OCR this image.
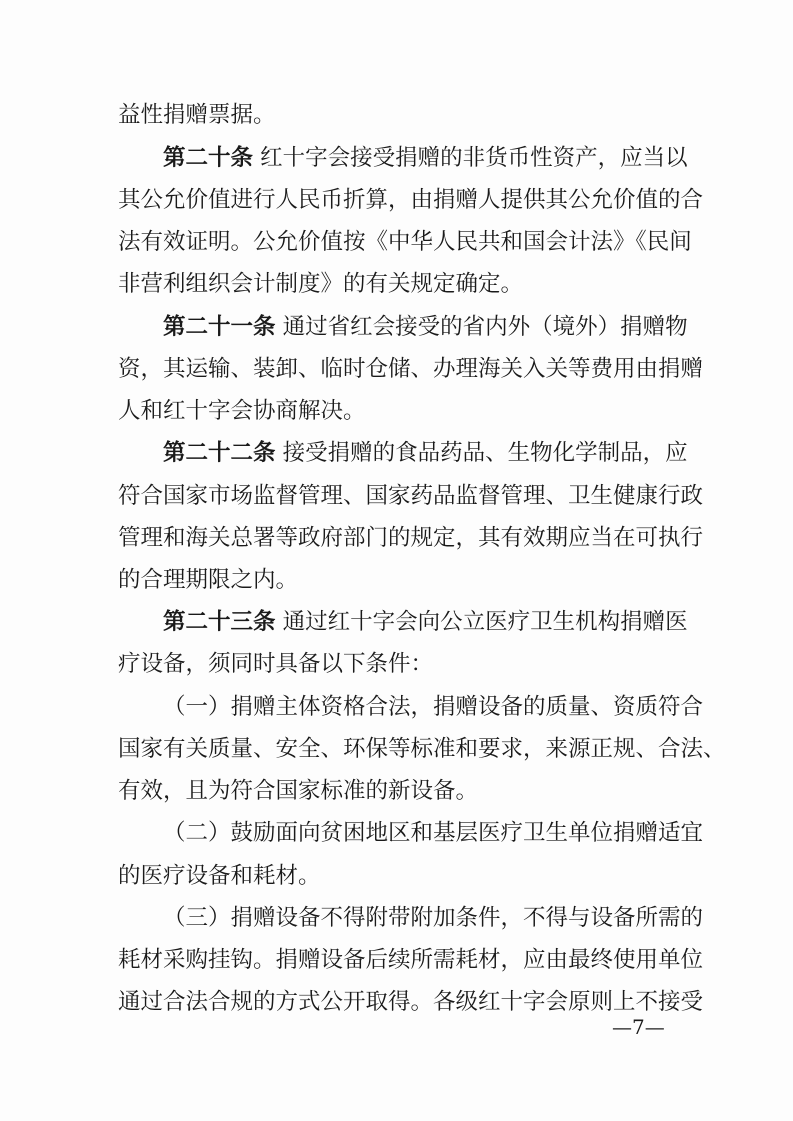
益性捐赠票据。
第二十条 红十字会接受捐赠的非货币性资产，应当以
其公允价值进行人民币折算，由捐赠人提供其公允价值的合
法有效证明。公允价值按《中华人民共和国会计法》《民间
非营利组织会计制度》的有关规定确定。
第二十一条 通过省红会接受的省内外（境外）捐赠物
资，其运输、装卸、临时仓储、办理海关入关等费用由捐赠
人和红十字会协商解决。
第二十二条 接受捐赠的食品药品、生物化学制品，应
符合国家市场监督管理、国家药品监督管理、卫生健康行政
管理和海关总署等政府部门的规定，其有效期应当在可执行
的合理期限之内。
第二十三条 通过红十字会向公立医疗卫生机构捐赠医
疗设备，须同时具备以下条件：
（一）捐赠主体资格合法，捐赠设备的质量、资质符合
国家有关质量、安全、环保等标准和要求，来源正规、合法、
有效，且为符合国家标准的新设备。
（二）鼓励面向贫困地区和基层医疗卫生单位捐赠适宜
的医疗设备和耗材。
（三）捐赠设备不得附带附加条件，不得与设备所需的
耗材采购挂钩。捐赠设备后续所需耗材，应由最终使用单位
通过合法合规的方式公开取得。各级红十字会原则上不接受
—7—
